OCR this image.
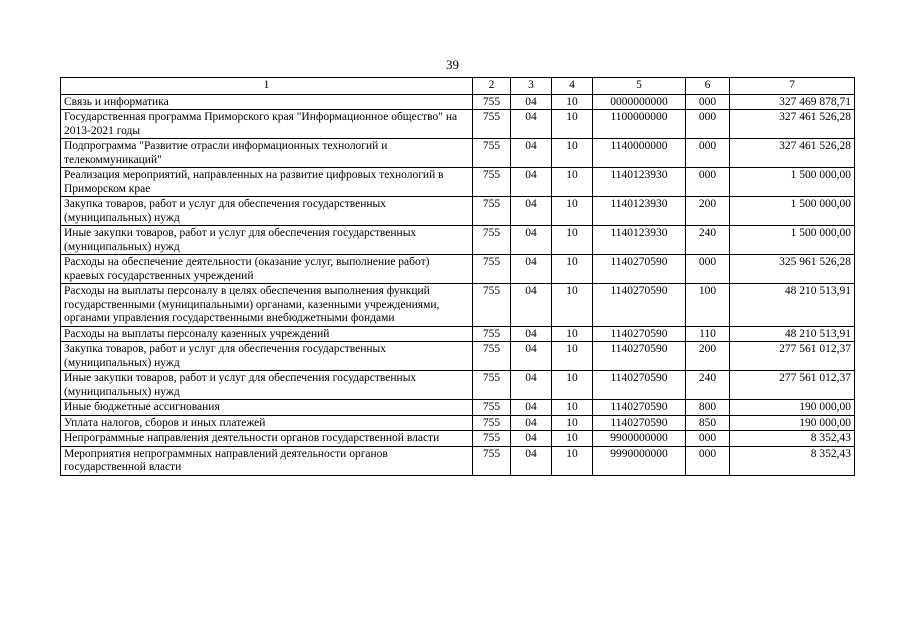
39
1	2	3	4	5	6	7
Связь и информатика	755	04	10	0000000000	000	327 469 878,71
Государственная программа Приморского края "Информационное общество" на 2013-2021 годы	755	04	10	1100000000	000	327 461 526,28
Подпрограмма "Развитие отрасли информационных технологий и телекоммуникаций"	755	04	10	1140000000	000	327 461 526,28
Реализация мероприятий, направленных на развитие цифровых технологий в Приморском крае	755	04	10	1140123930	000	1 500 000,00
Закупка товаров, работ и услуг для обеспечения государственных (муниципальных) нужд	755	04	10	1140123930	200	1 500 000,00
Иные закупки товаров, работ и услуг для обеспечения государственных (муниципальных) нужд	755	04	10	1140123930	240	1 500 000,00
Расходы на обеспечение деятельности (оказание услуг, выполнение работ) краевых государственных учреждений	755	04	10	1140270590	000	325 961 526,28
Расходы на выплаты персоналу в целях обеспечения выполнения функций государственными (муниципальными) органами, казенными учреждениями, органами управления государственными внебюджетными фондами	755	04	10	1140270590	100	48 210 513,91
Расходы на выплаты персоналу казенных учреждений	755	04	10	1140270590	110	48 210 513,91
Закупка товаров, работ и услуг для обеспечения государственных (муниципальных) нужд	755	04	10	1140270590	200	277 561 012,37
Иные закупки товаров, работ и услуг для обеспечения государственных (муниципальных) нужд	755	04	10	1140270590	240	277 561 012,37
Иные бюджетные ассигнования	755	04	10	1140270590	800	190 000,00
Уплата налогов, сборов и иных платежей	755	04	10	1140270590	850	190 000,00
Непрограммные направления деятельности органов государственной власти	755	04	10	9900000000	000	8 352,43
Мероприятия непрограммных направлений деятельности органов государственной власти	755	04	10	9990000000	000	8 352,43
